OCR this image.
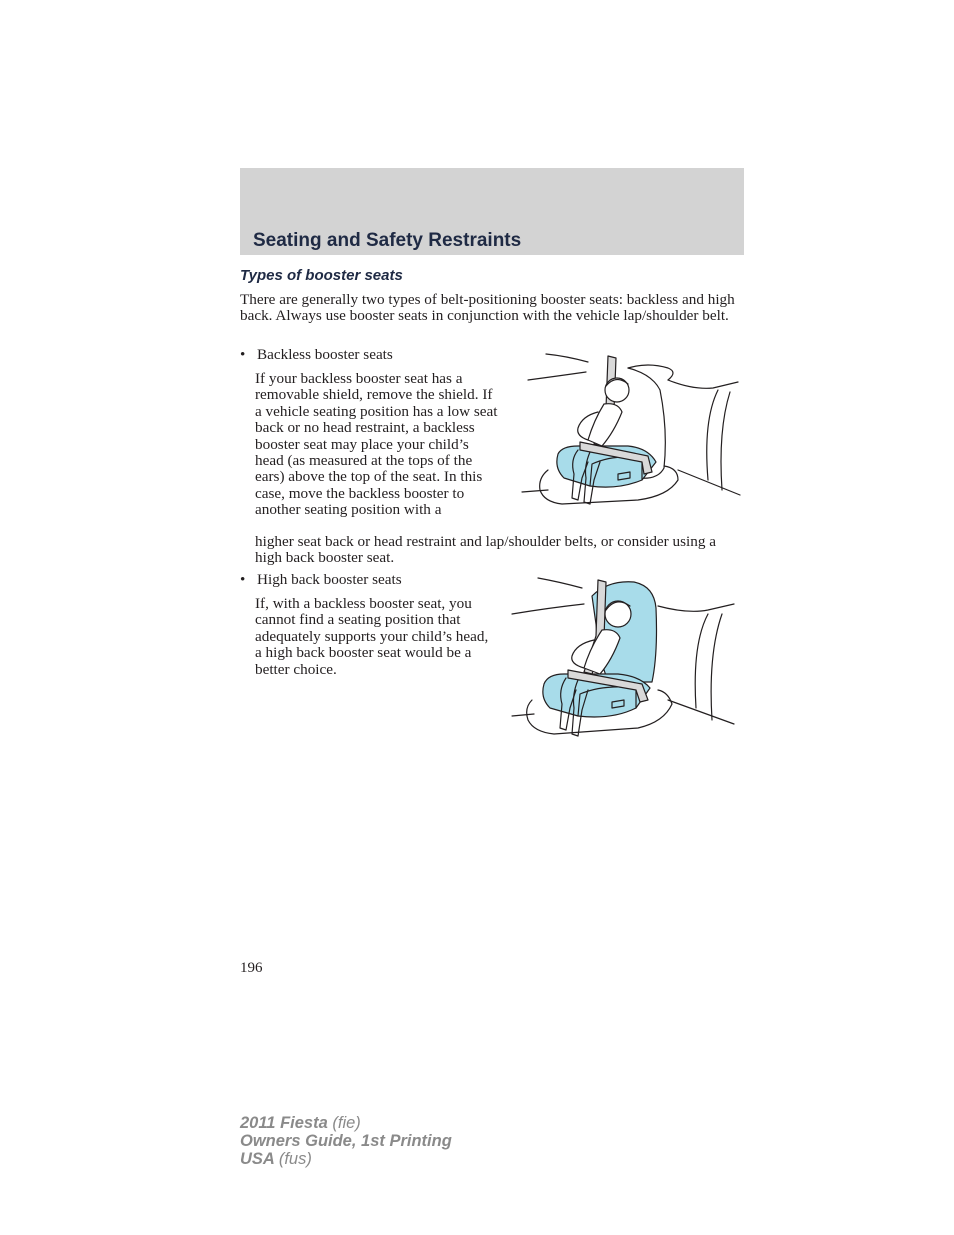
Seating and Safety Restraints
Types of booster seats

There are generally two types of belt-positioning booster seats: backless and high back. Always use booster seats in conjunction with the vehicle lap/shoulder belt.

• Backless booster seats

If your backless booster seat has a removable shield, remove the shield. If a vehicle seating position has a low seat back or no head restraint, a backless booster seat may place your child’s head (as measured at the tops of the ears) above the top of the seat. In this case, move the backless booster to another seating position with a

higher seat back or head restraint and lap/shoulder belts, or consider using a high back booster seat.

• High back booster seats

If, with a backless booster seat, you cannot find a seating position that adequately supports your child’s head, a high back booster seat would be a better choice.

196

2011 Fiesta (fie)
Owners Guide, 1st Printing
USA (fus)
